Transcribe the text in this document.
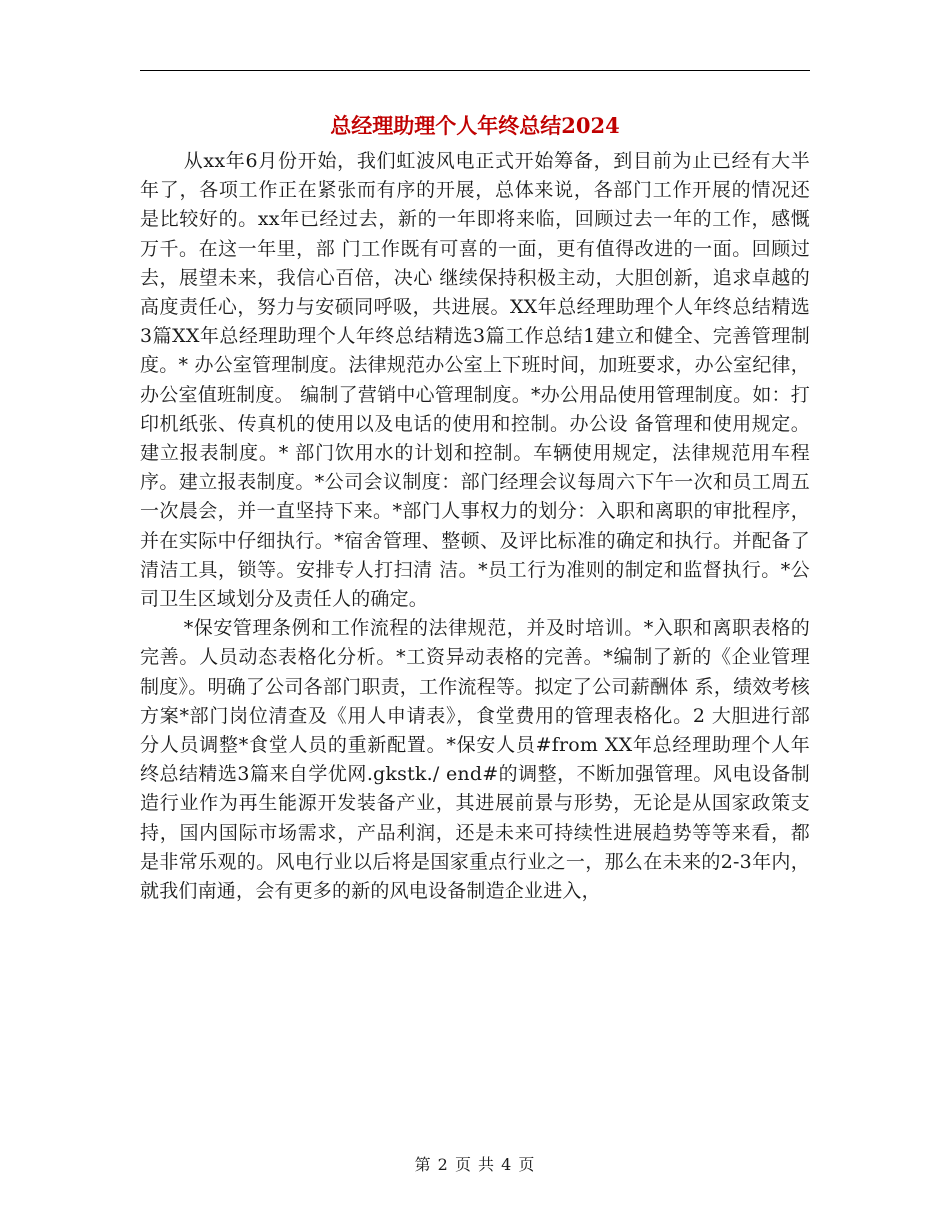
总经理助理个人年终总结2024

从xx年6月份开始，我们虹波风电正式开始筹备，到目前为止已经有大半年了，各项工作正在紧张而有序的开展，总体来说，各部门工作开展的情况还是比较好的。xx年已经过去，新的一年即将来临，回顾过去一年的工作，感慨万千。在这一年里，部 门工作既有可喜的一面，更有值得改进的一面。回顾过去，展望未来，我信心百倍，决心 继续保持积极主动，大胆创新，追求卓越的高度责任心，努力与安硕同呼吸，共进展。XX年总经理助理个人年终总结精选3篇XX年总经理助理个人年终总结精选3篇工作总结1建立和健全、完善管理制度。* 办公室管理制度。法律规范办公室上下班时间，加班要求，办公室纪律，办公室值班制度。 编制了营销中心管理制度。*办公用品使用管理制度。如：打印机纸张、传真机的使用以及电话的使用和控制。办公设 备管理和使用规定。建立报表制度。* 部门饮用水的计划和控制。车辆使用规定，法律规范用车程序。建立报表制度。*公司会议制度：部门经理会议每周六下午一次和员工周五一次晨会，并一直坚持下来。*部门人事权力的划分：入职和离职的审批程序，并在实际中仔细执行。*宿舍管理、整顿、及评比标准的确定和执行。并配备了清洁工具，锁等。安排专人打扫清 洁。*员工行为准则的制定和监督执行。*公司卫生区域划分及责任人的确定。

*保安管理条例和工作流程的法律规范，并及时培训。*入职和离职表格的完善。人员动态表格化分析。*工资异动表格的完善。*编制了新的《企业管理制度》。明确了公司各部门职责，工作流程等。拟定了公司薪酬体 系，绩效考核方案*部门岗位清查及《用人申请表》，食堂费用的管理表格化。2 大胆进行部分人员调整*食堂人员的重新配置。*保安人员#from XX年总经理助理个人年终总结精选3篇来自学优网.gkstk./ end#的调整，不断加强管理。风电设备制造行业作为再生能源开发装备产业，其进展前景与形势，无论是从国家政策支持，国内国际市场需求，产品利润，还是未来可持续性进展趋势等等来看，都是非常乐观的。风电行业以后将是国家重点行业之一，那么在未来的2-3年内，就我们南通，会有更多的新的风电设备制造企业进入，

第 2 页 共 4 页
